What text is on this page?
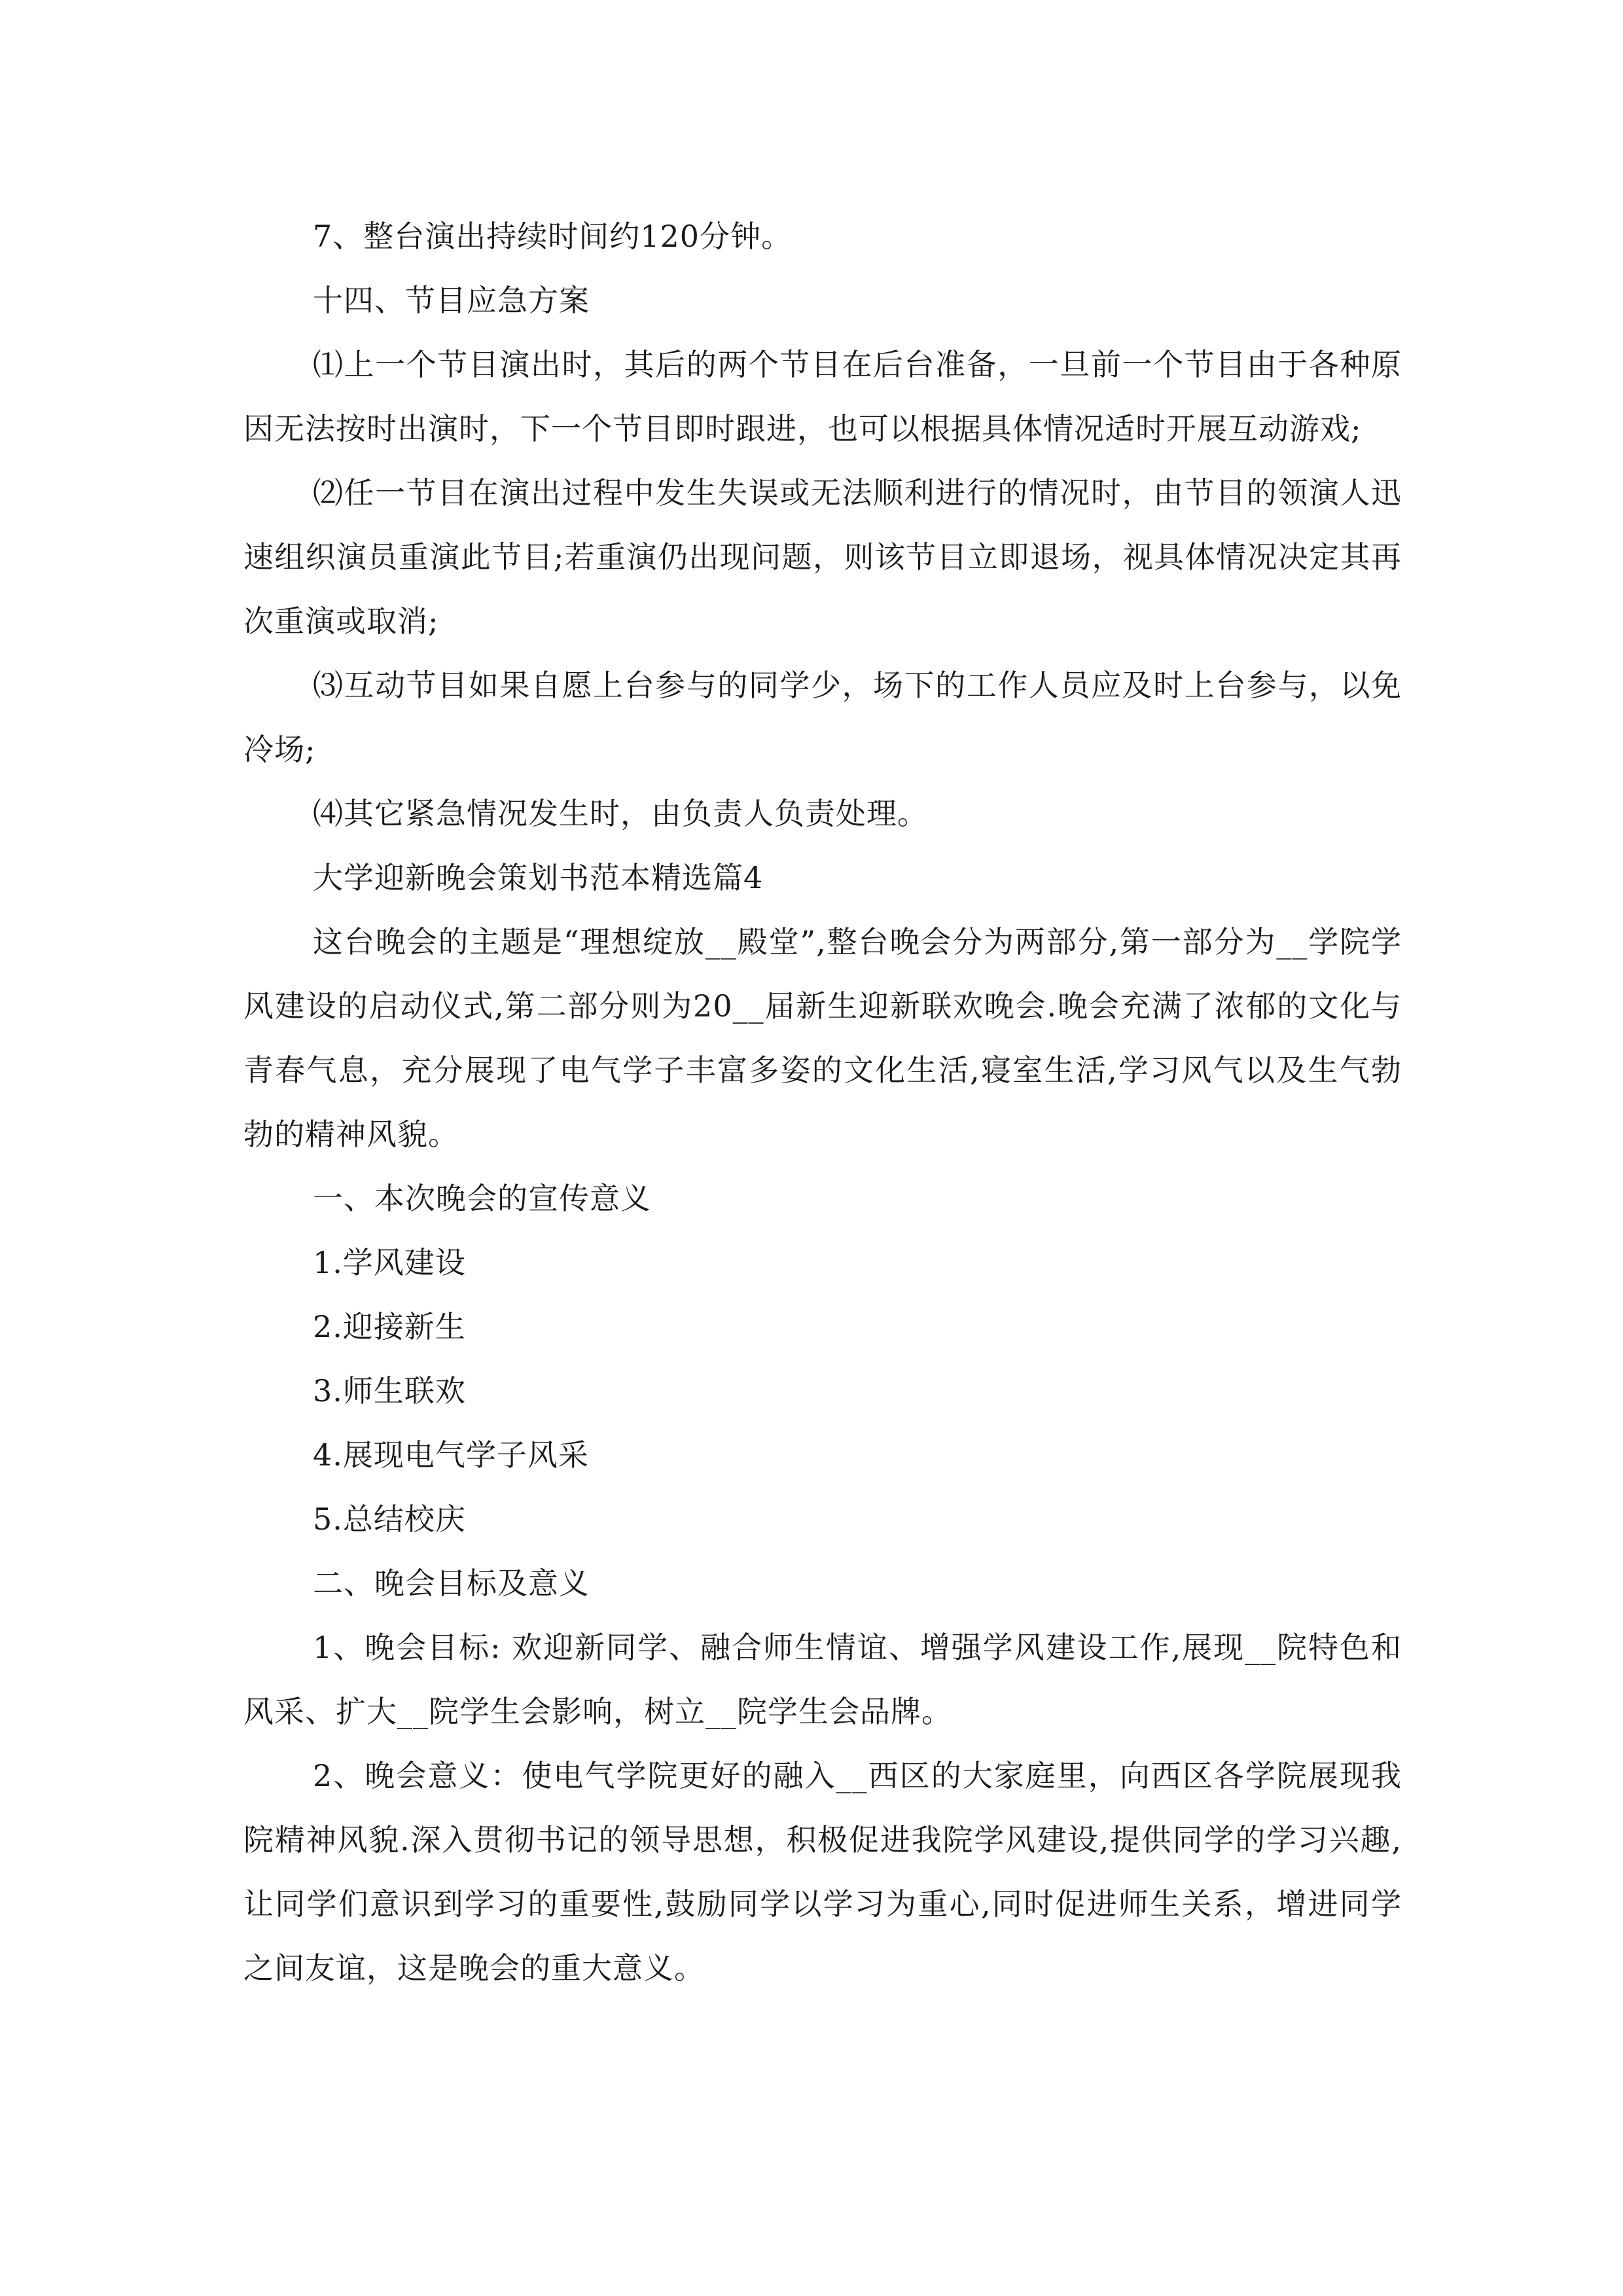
7、整台演出持续时间约120分钟。

十四、节目应急方案

⑴上一个节目演出时，其后的两个节目在后台准备，一旦前一个节目由于各种原因无法按时出演时，下一个节目即时跟进，也可以根据具体情况适时开展互动游戏;

⑵任一节目在演出过程中发生失误或无法顺利进行的情况时，由节目的领演人迅速组织演员重演此节目;若重演仍出现问题，则该节目立即退场，视具体情况决定其再次重演或取消;

⑶互动节目如果自愿上台参与的同学少，场下的工作人员应及时上台参与，以免冷场;

⑷其它紧急情况发生时，由负责人负责处理。

大学迎新晚会策划书范本精选篇4

这台晚会的主题是“理想绽放__殿堂”,整台晚会分为两部分,第一部分为__学院学风建设的启动仪式,第二部分则为20__届新生迎新联欢晚会.晚会充满了浓郁的文化与青春气息，充分展现了电气学子丰富多姿的文化生活,寝室生活,学习风气以及生气勃勃的精神风貌。

一、本次晚会的宣传意义

1.学风建设

2.迎接新生

3.师生联欢

4.展现电气学子风采

5.总结校庆

二、晚会目标及意义

1、晚会目标: 欢迎新同学、融合师生情谊、增强学风建设工作,展现__院特色和风采、扩大__院学生会影响，树立__院学生会品牌。

2、晚会意义：使电气学院更好的融入__西区的大家庭里，向西区各学院展现我院精神风貌.深入贯彻书记的领导思想，积极促进我院学风建设,提供同学的学习兴趣,让同学们意识到学习的重要性,鼓励同学以学习为重心,同时促进师生关系，增进同学之间友谊，这是晚会的重大意义。
